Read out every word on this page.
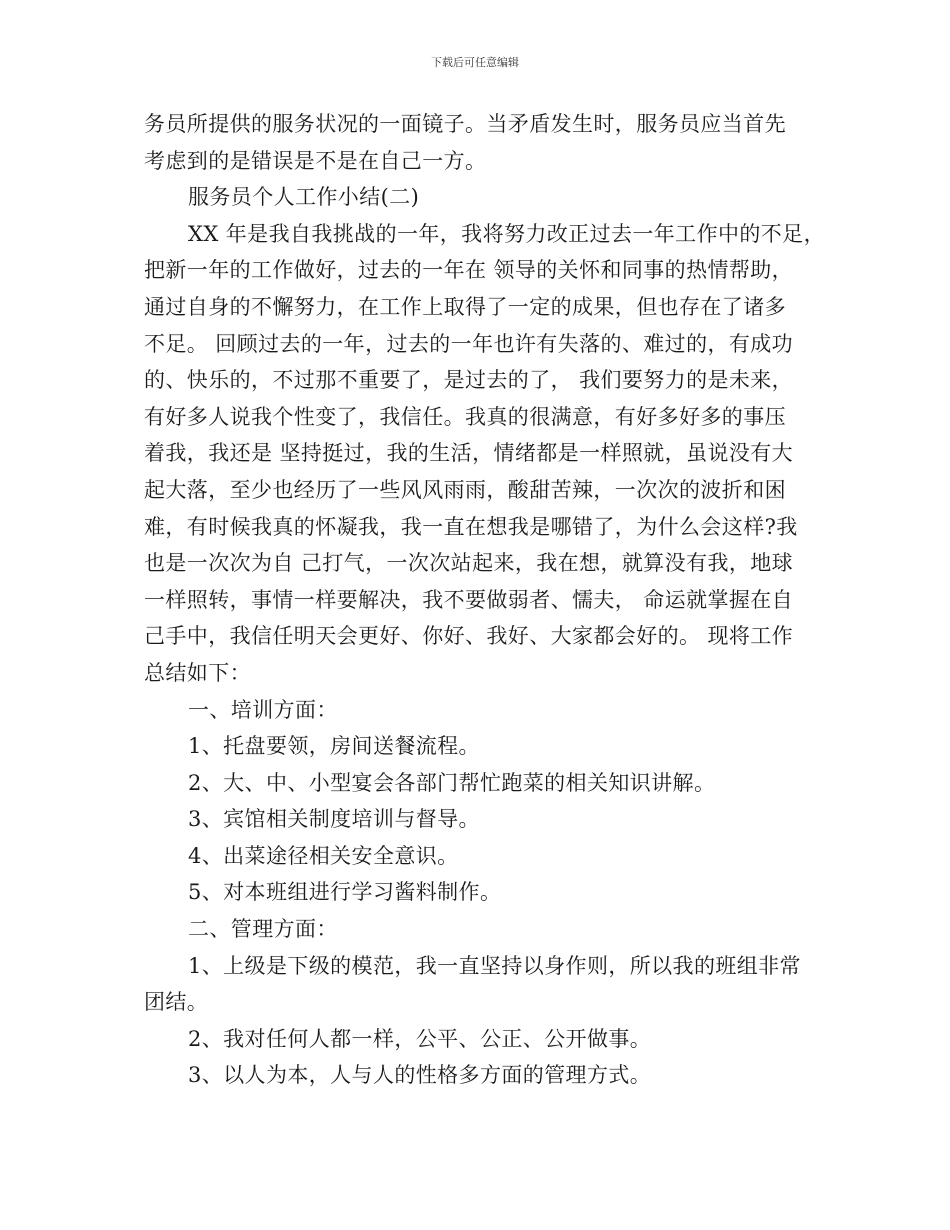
下载后可任意编辑
务员所提供的服务状况的一面镜子。当矛盾发生时，服务员应当首先
考虑到的是错误是不是在自己一方。
服务员个人工作小结(二)
XX 年是我自我挑战的一年，我将努力改正过去一年工作中的不足，
把新一年的工作做好，过去的一年在 领导的关怀和同事的热情帮助，
通过自身的不懈努力，在工作上取得了一定的成果，但也存在了诸多
不足。 回顾过去的一年，过去的一年也许有失落的、难过的，有成功
的、快乐的，不过那不重要了，是过去的了， 我们要努力的是未来，
有好多人说我个性变了，我信任。我真的很满意，有好多好多的事压
着我，我还是 坚持挺过，我的生活，情绪都是一样照就，虽说没有大
起大落，至少也经历了一些风风雨雨，酸甜苦辣，一次次的波折和困
难，有时候我真的怀凝我，我一直在想我是哪错了，为什么会这样?我
也是一次次为自 己打气，一次次站起来，我在想，就算没有我，地球
一样照转，事情一样要解决，我不要做弱者、懦夫， 命运就掌握在自
己手中，我信任明天会更好、你好、我好、大家都会好的。 现将工作
总结如下：
一、培训方面：
1、托盘要领，房间送餐流程。
2、大、中、小型宴会各部门帮忙跑菜的相关知识讲解。
3、宾馆相关制度培训与督导。
4、出菜途径相关安全意识。
5、对本班组进行学习酱料制作。
二、管理方面：
1、上级是下级的模范，我一直坚持以身作则，所以我的班组非常
团结。
2、我对任何人都一样，公平、公正、公开做事。
3、以人为本，人与人的性格多方面的管理方式。
